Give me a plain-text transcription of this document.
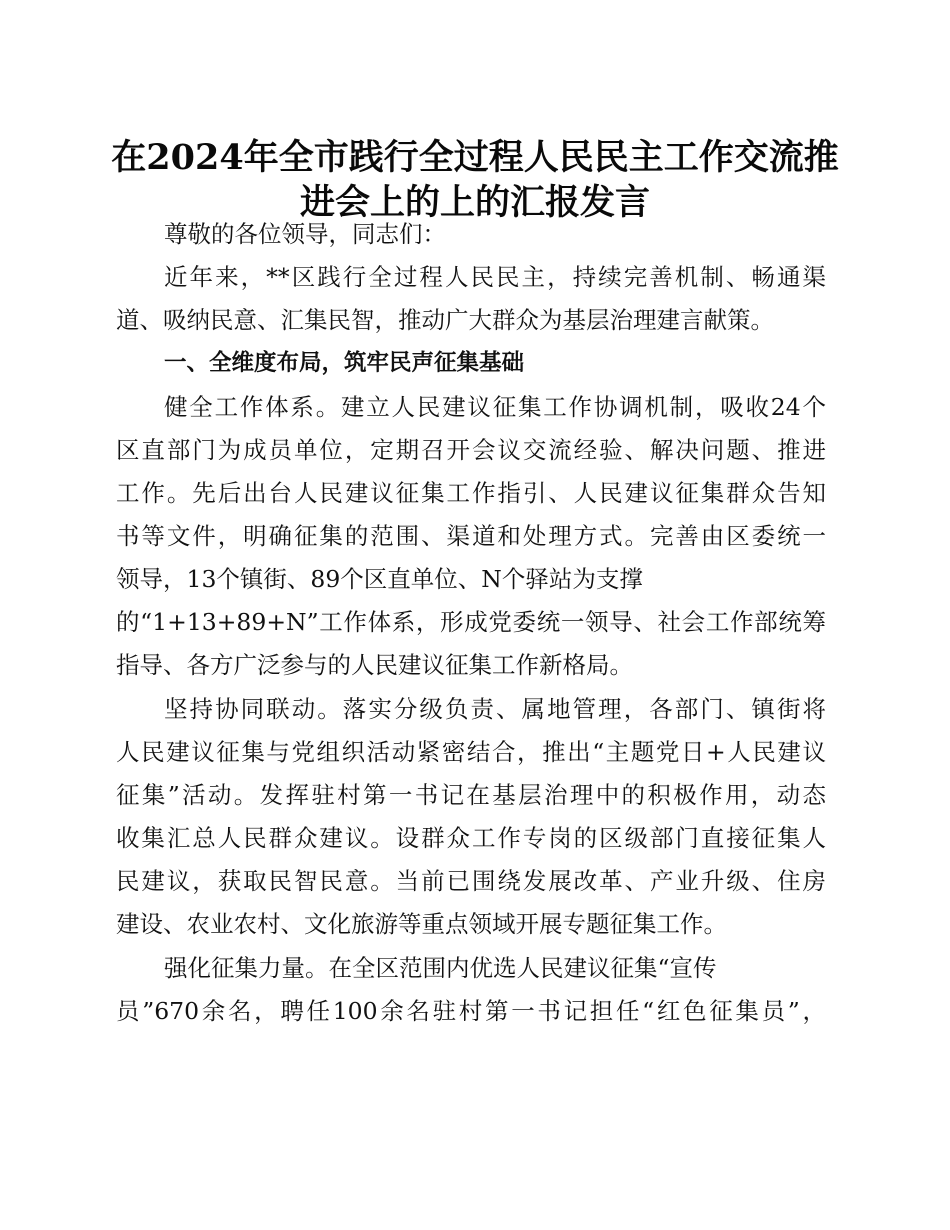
在2024年全市践行全过程人民民主工作交流推
进会上的上的汇报发言

尊敬的各位领导，同志们：

近年来，**区践行全过程人民民主，持续完善机制、畅通渠

道、吸纳民意、汇集民智，推动广大群众为基层治理建言献策。

一、全维度布局，筑牢民声征集基础

健全工作体系。建立人民建议征集工作协调机制，吸收24个

区直部门为成员单位，定期召开会议交流经验、解决问题、推进

工作。先后出台人民建议征集工作指引、人民建议征集群众告知

书等文件，明确征集的范围、渠道和处理方式。完善由区委统一

领导，13个镇街、89个区直单位、N个驿站为支撑

的“1+13+89+N”工作体系，形成党委统一领导、社会工作部统筹

指导、各方广泛参与的人民建议征集工作新格局。

坚持协同联动。落实分级负责、属地管理，各部门、镇街将

人民建议征集与党组织活动紧密结合，推出“主题党日+人民建议

征集”活动。发挥驻村第一书记在基层治理中的积极作用，动态

收集汇总人民群众建议。设群众工作专岗的区级部门直接征集人

民建议，获取民智民意。当前已围绕发展改革、产业升级、住房

建设、农业农村、文化旅游等重点领域开展专题征集工作。

强化征集力量。在全区范围内优选人民建议征集“宣传

员”670余名，聘任100余名驻村第一书记担任“红色征集员”，
